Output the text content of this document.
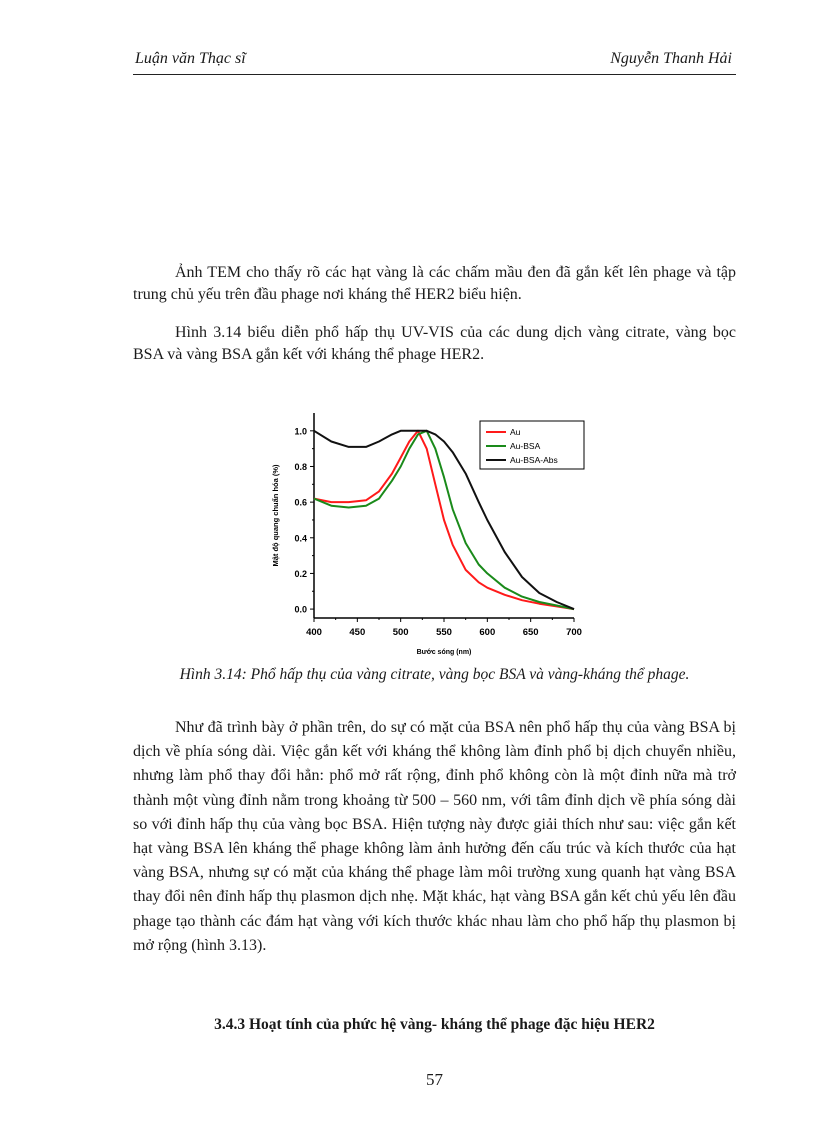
Luận văn Thạc sĩ	Nguyễn Thanh Hải

Ảnh TEM cho thấy rõ các hạt vàng là các chấm mầu đen đã gắn kết lên phage và tập trung chủ yếu trên đầu phage nơi kháng thể HER2 biểu hiện.

Hình 3.14 biểu diễn phổ hấp thụ UV-VIS của các dung dịch vàng citrate, vàng bọc BSA và vàng BSA gắn kết với kháng thể phage HER2.

400	450	500	550	600	650	700
0.0
0.2
0.4
0.6
0.8
1.0
Bước sóng (nm)
Mật độ quang chuẩn hóa (%)
Au
Au-BSA
Au-BSA-Abs

Hình 3.14: Phổ hấp thụ của vàng citrate, vàng bọc BSA và vàng-kháng thể phage.

Như đã trình bày ở phần trên, do sự có mặt của BSA nên phổ hấp thụ của vàng BSA bị dịch về phía sóng dài. Việc gắn kết với kháng thể không làm đỉnh phổ bị dịch chuyển nhiều, nhưng làm phổ thay đổi hẳn: phổ mở rất rộng, đỉnh phổ không còn là một đỉnh nữa mà trở thành một vùng đỉnh nằm trong khoảng từ 500 – 560 nm, với tâm đỉnh dịch về phía sóng dài so với đỉnh hấp thụ của vàng bọc BSA. Hiện tượng này được giải thích như sau: việc gắn kết hạt vàng BSA lên kháng thể phage không làm ảnh hưởng đến cấu trúc và kích thước của hạt vàng BSA, nhưng sự có mặt của kháng thể phage làm môi trường xung quanh hạt vàng BSA thay đổi nên đỉnh hấp thụ plasmon dịch nhẹ. Mặt khác, hạt vàng BSA gắn kết chủ yếu lên đầu phage tạo thành các đám hạt vàng với kích thước khác nhau làm cho phổ hấp thụ plasmon bị mở rộng (hình 3.13).

3.4.3 Hoạt tính của phức hệ vàng- kháng thể phage đặc hiệu HER2

57
